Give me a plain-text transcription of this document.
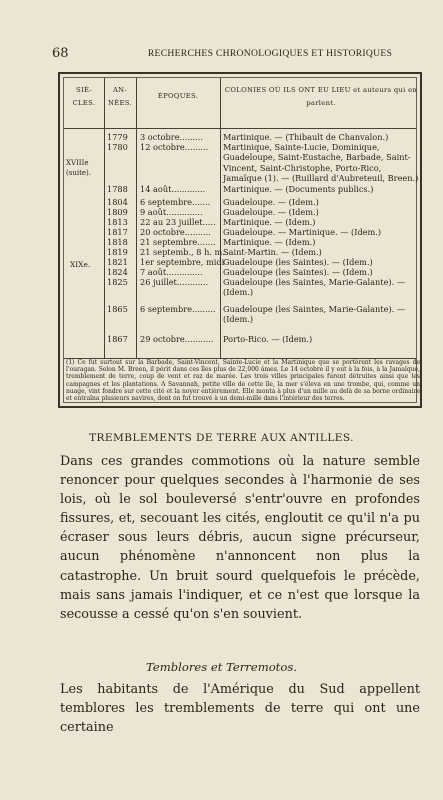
68	RECHERCHES CHRONOLOGIQUES ET HISTORIQUES
SIÈ- CLES.
AN- NÉES.
ÉPOQUES.
COLONIES OÙ ILS ONT EU LIEU et auteurs qui en parlent.
XVIIIe (suite).
XIXe.
1779 3 octobre......... Martinique. — (Thibault de Chanvalon.)
1780 12 octobre......... Martinique, Sainte-Lucie, Dominique, Guadeloupe, Saint-Eustache, Barbade, Saint-Vincent, Saint-Christophe, Porto-Rico, Jamaïque (1). — (Ruillard d'Aubreteuil, Breen.)
1788 14 août............. Martinique. — (Documents publics.)
1804 6 septembre....... Guadeloupe. — (Idem.)
1809 9 août.............. Guadeloupe. — (Idem.)
1813 22 au 23 juillet..... Martinique. — (Idem.)
1817 20 octobre.......... Guadeloupe. — Martinique. — (Idem.)
1818 21 septembre....... Martinique. — (Idem.)
1819 21 septemb., 8 h. m.
Saint-Martin. — (Idem.)
1821 1er septembre, midi
Guadeloupe (les Saintes). — (Idem.)
1824 7 août.............. Guadeloupe (les Saintes). — (Idem.)
1825 26 juillet............ Guadeloupe (les Saintes, Marie-Galante). — (Idem.)
1865 6 septembre......... Guadeloupe (les Saintes, Marie-Galante). — (Idem.)
1867 29 octobre........... Porto-Rico. — (Idem.)
(1) Ce fut surtout sur la Barbade, Saint-Vincent, Sainte-Lucie et la Martinique que se portèrent les ravages de l'ouragan. Selon M. Breen, il périt dans ces îles plus de 22,000 âmes. Le 14 octobre il y eut à la fois, à la Jamaïque, tremblement de terre, coup de vent et raz de marée. Les trois villes principales furent détruites ainsi que les campagnes et les plantations. A Savannah, petite ville de cette île, la mer s'éleva en une trombe, qui, comme un nuage, vint fondre sur cette cité et la noyer entièrement. Elle monta à plus d'un mille au delà de sa borne ordinaire et entraîna plusieurs navires, dont on fut trouvé à un demi-mille dans l'intérieur des terres.
TREMBLEMENTS DE TERRE AUX ANTILLES.
Dans ces grandes commotions où la nature semble renoncer pour quelques secondes à l'harmonie de ses lois, où le sol bouleversé s'entr'ouvre en profondes fissures, et, secouant les cités, engloutit ce qu'il n'a pu écraser sous leurs débris, aucun signe précurseur, aucun phénomène n'annoncent non plus la catastrophe. Un bruit sourd quelquefois le précède, mais sans jamais l'indiquer, et ce n'est que lorsque la secousse a cessé qu'on s'en souvient.
Temblores et Terremotos.
Les habitants de l'Amérique du Sud appellent temblores les tremblements de terre qui ont une certaine
